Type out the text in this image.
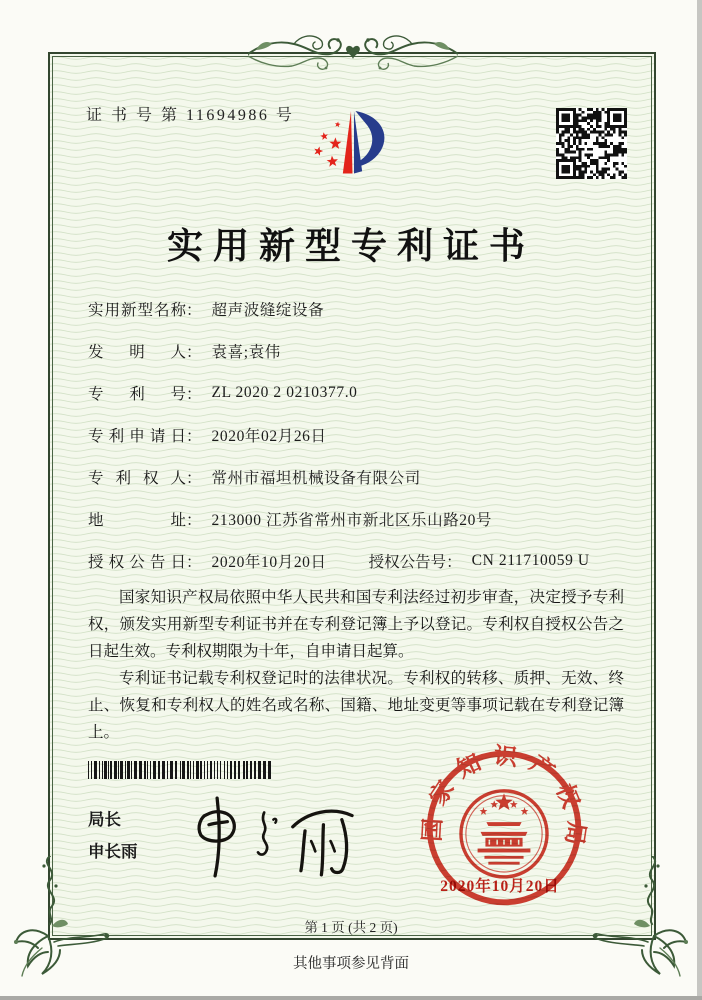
证 书 号 第 11694986 号
实用新型专利证书
实用新型名称 ： 超声波缝绽设备
发明人 ： 袁喜;袁伟
专利号 ： ZL 2020 2 0210377.0
专利申请日 ： 2020年02月26日
专利权人 ： 常州市福坦机械设备有限公司
地址 ： 213000 江苏省常州市新北区乐山路20号
授权公告日 ： 2020年10月20日	授权公告号 ： CN 211710059 U

国家知识产权局依照中华人民共和国专利法经过初步审查，决定授予专利权，颁发实用新型专利证书并在专利登记簿上予以登记。专利权自授权公告之日起生效。专利权期限为十年，自申请日起算。

专利证书记载专利权登记时的法律状况。专利权的转移、质押、无效、终止、恢复和专利权人的姓名或名称、国籍、地址变更等事项记载在专利登记簿上。

局长
申长雨
国家知识产权局
2020年10月20日
第 1 页 (共 2 页)
其他事项参见背面
